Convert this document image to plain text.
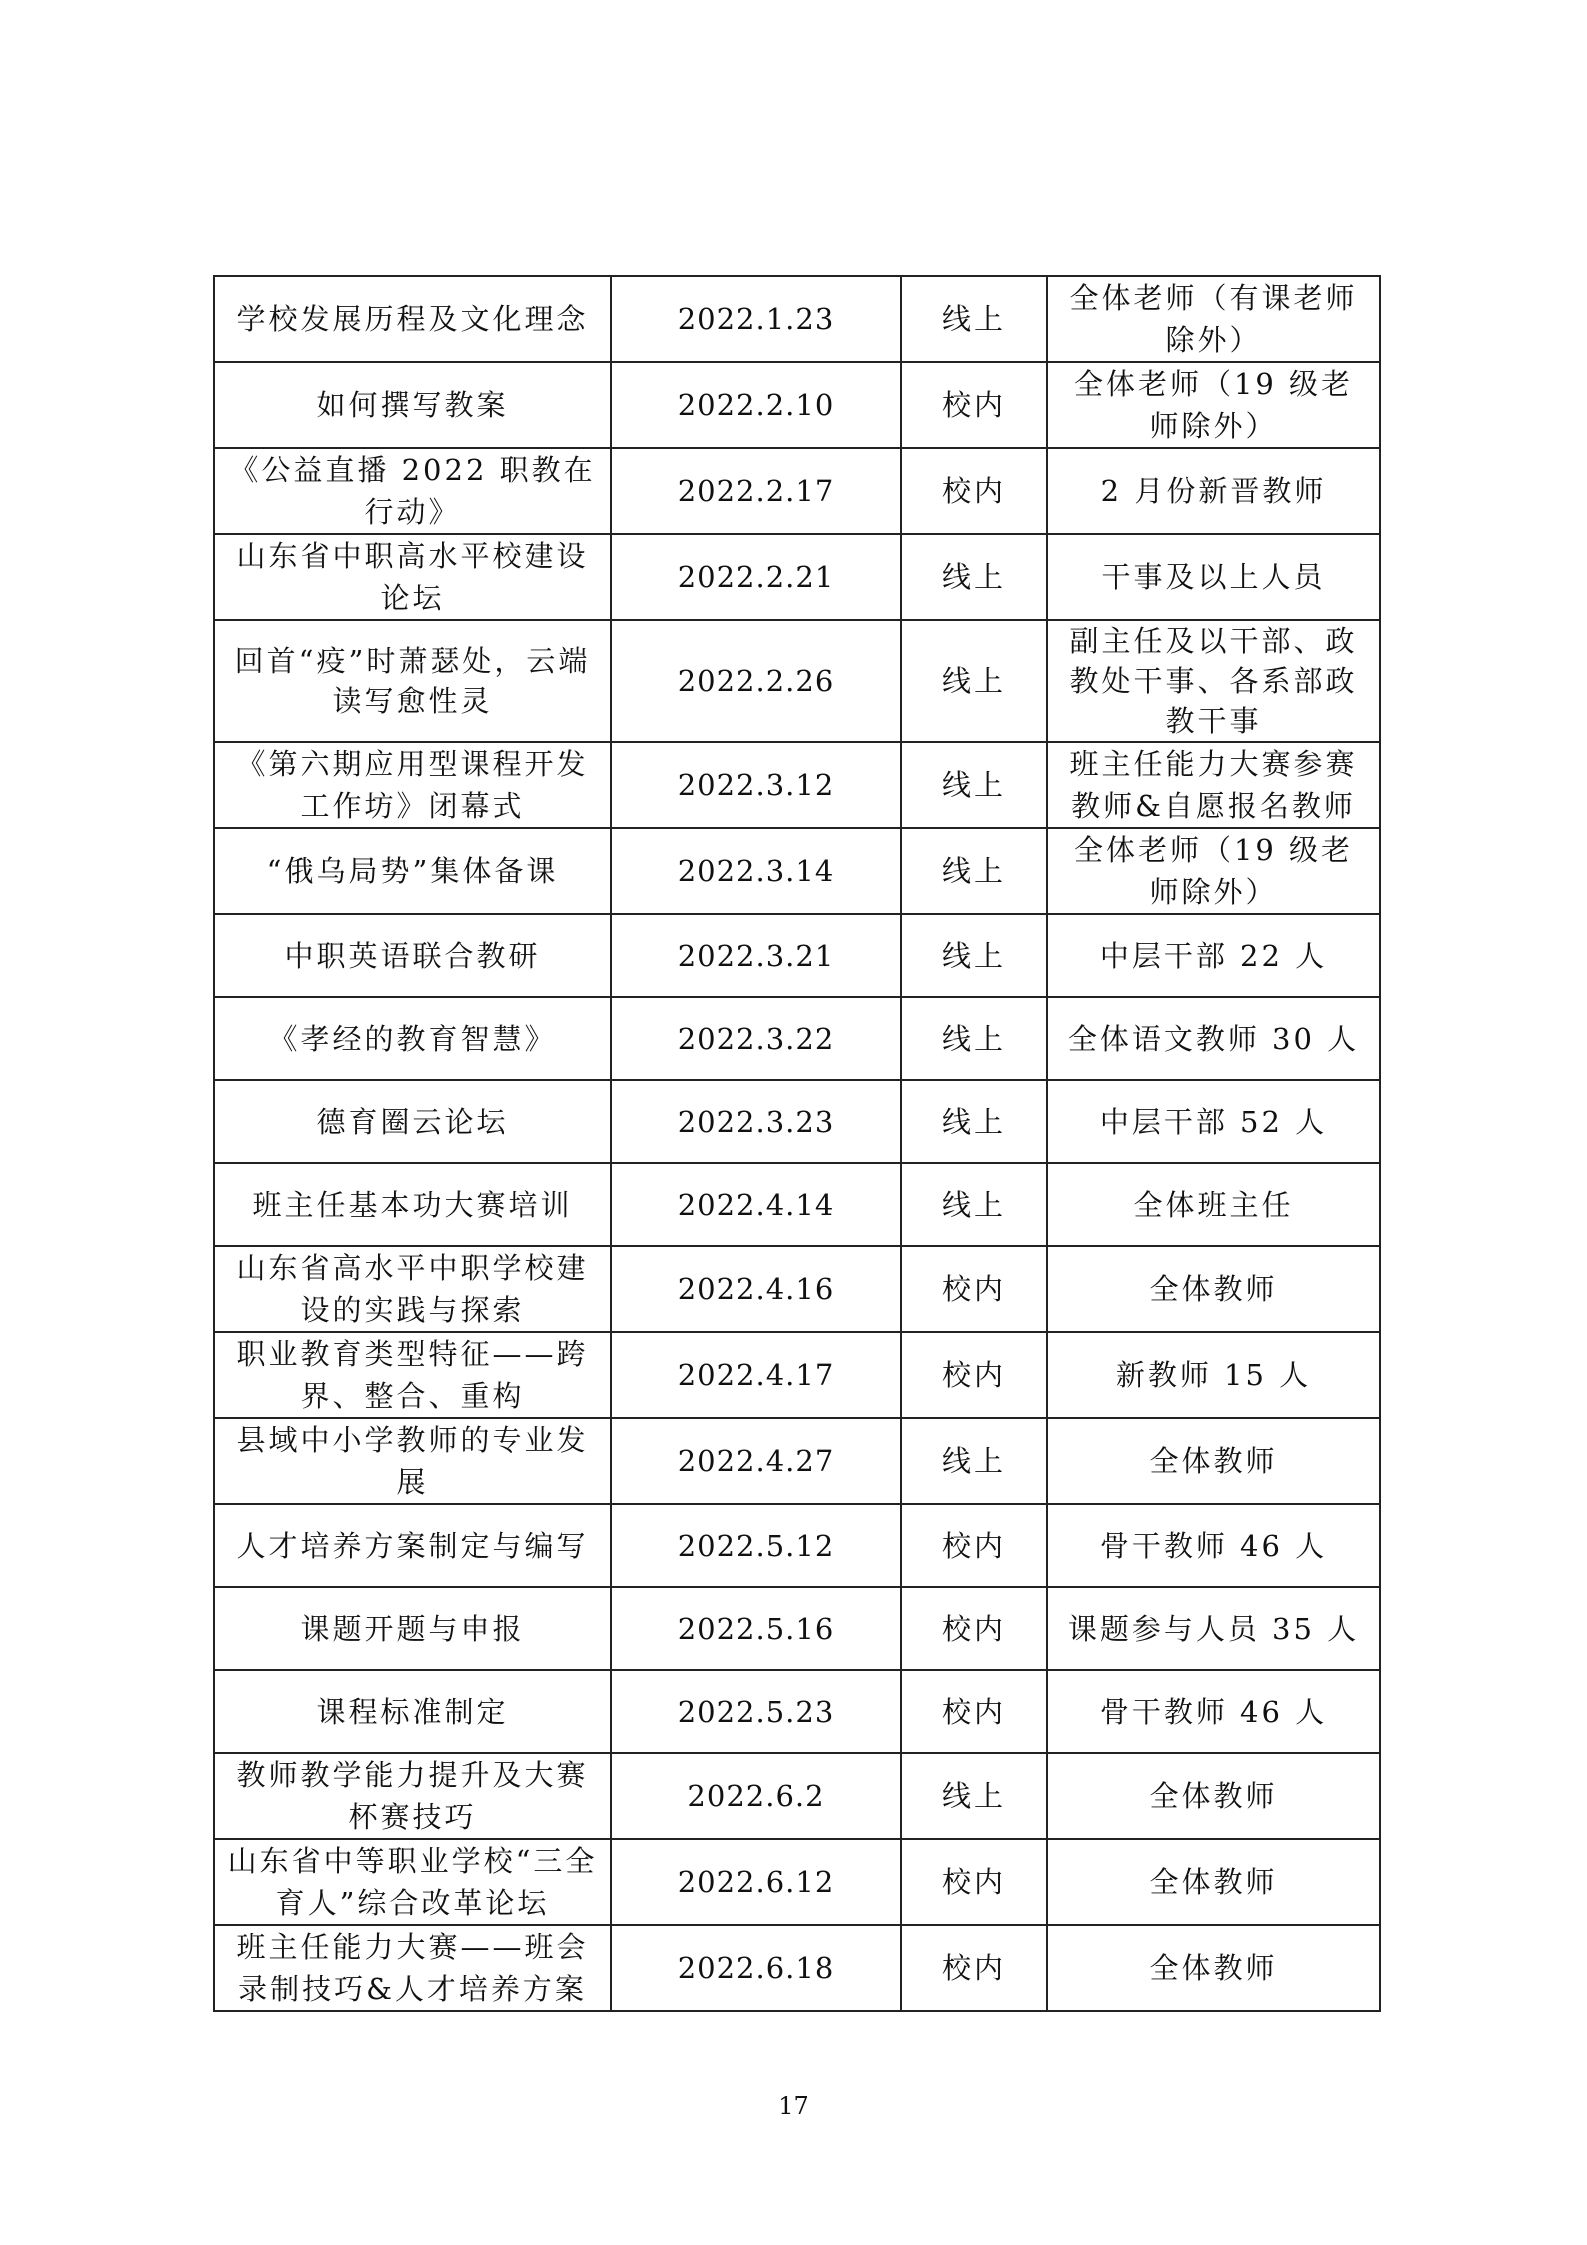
学校发展历程及文化理念	2022.1.23	线上	全体老师（有课老师除外）
如何撰写教案	2022.2.10	校内	全体老师（19 级老师除外）
《公益直播 2022 职教在行动》	2022.2.17	校内	2 月份新晋教师
山东省中职高水平校建设论坛	2022.2.21	线上	干事及以上人员
回首“疫”时萧瑟处，云端读写愈性灵	2022.2.26	线上	副主任及以干部、政教处干事、各系部政教干事
《第六期应用型课程开发工作坊》闭幕式	2022.3.12	线上	班主任能力大赛参赛教师&自愿报名教师
“俄乌局势”集体备课	2022.3.14	线上	全体老师（19 级老师除外）
中职英语联合教研	2022.3.21	线上	中层干部 22 人
《孝经的教育智慧》	2022.3.22	线上	全体语文教师 30 人
德育圈云论坛	2022.3.23	线上	中层干部 52 人
班主任基本功大赛培训	2022.4.14	线上	全体班主任
山东省高水平中职学校建设的实践与探索	2022.4.16	校内	全体教师
职业教育类型特征——跨界、整合、重构	2022.4.17	校内	新教师 15 人
县域中小学教师的专业发展	2022.4.27	线上	全体教师
人才培养方案制定与编写	2022.5.12	校内	骨干教师 46 人
课题开题与申报	2022.5.16	校内	课题参与人员 35 人
课程标准制定	2022.5.23	校内	骨干教师 46 人
教师教学能力提升及大赛杯赛技巧	2022.6.2	线上	全体教师
山东省中等职业学校“三全育人”综合改革论坛	2022.6.12	校内	全体教师
班主任能力大赛——班会录制技巧&人才培养方案	2022.6.18	校内	全体教师
17
